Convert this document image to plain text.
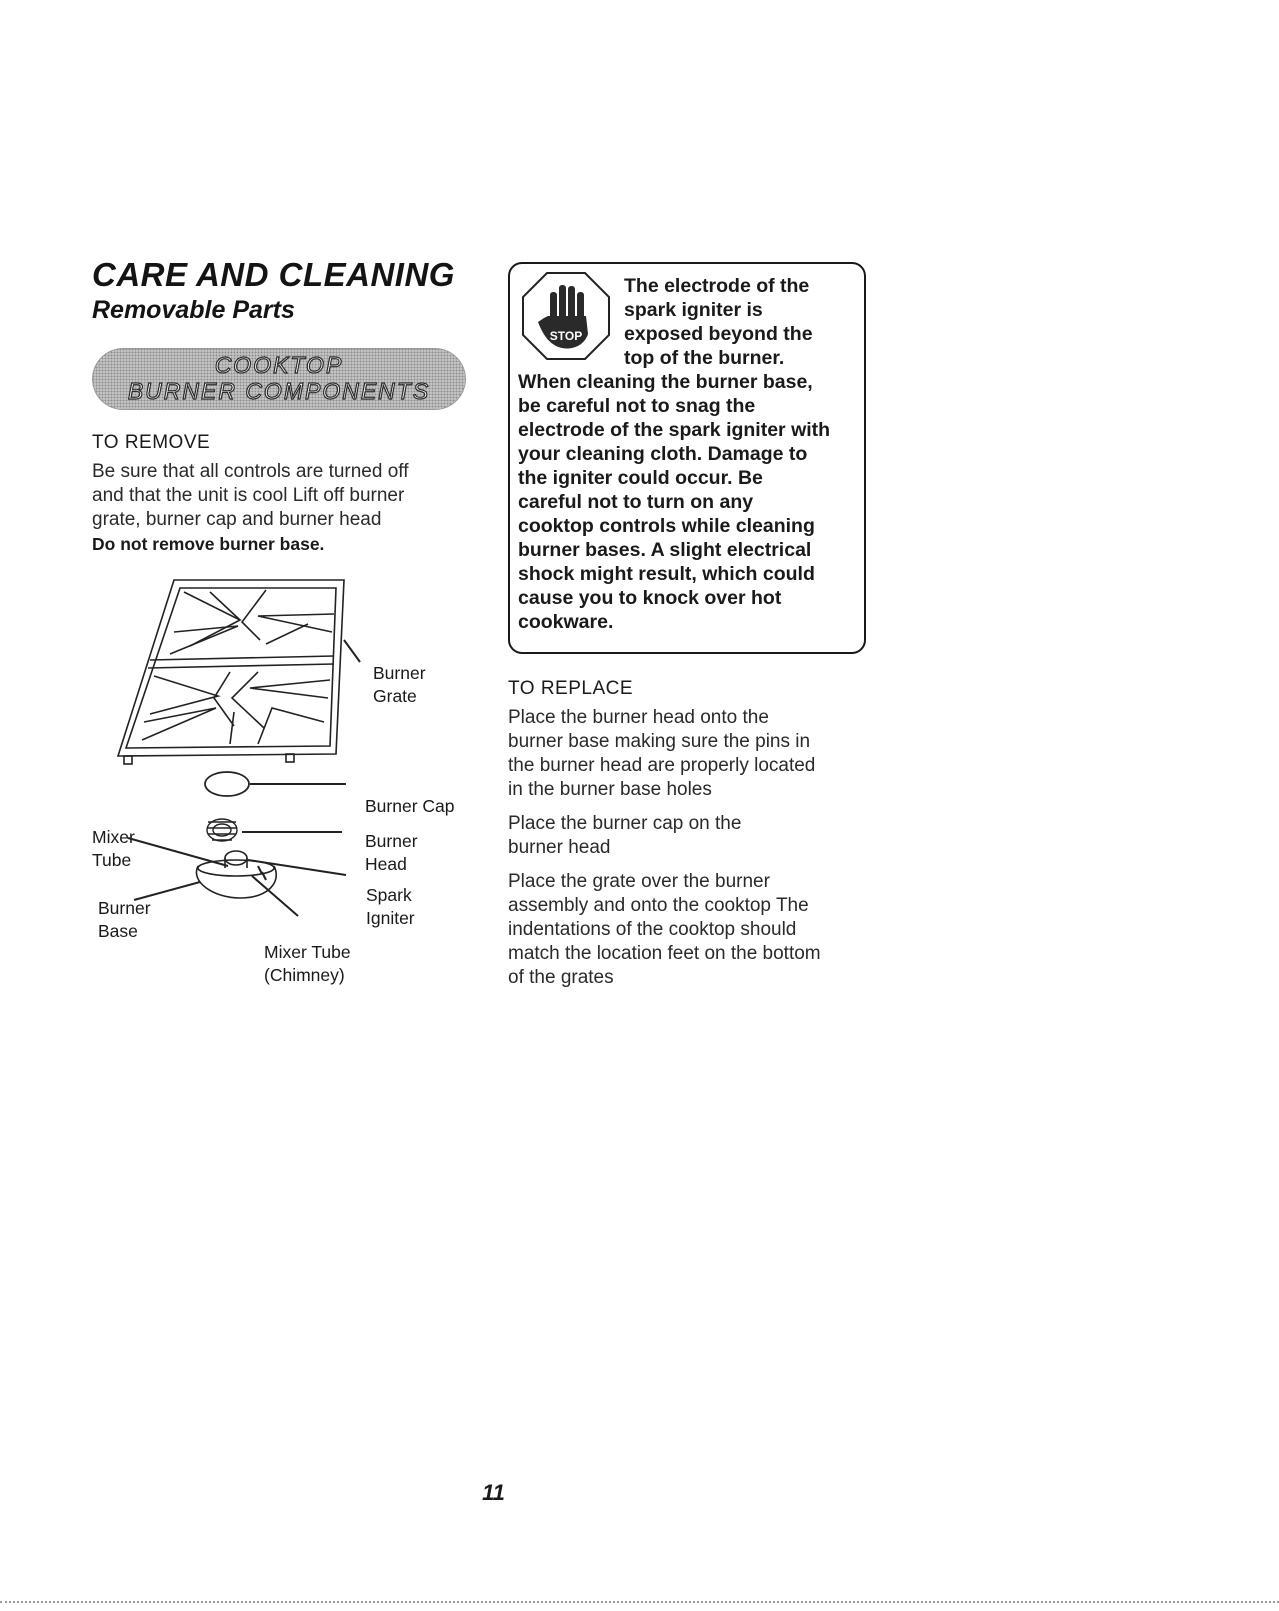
CARE AND CLEANING
Removable Parts
COOKTOP
BURNER COMPONENTS

TO REMOVE

Be sure that all controls are turned off

and that the unit is cool Lift off burner

grate, burner cap and burner head

Do not remove burner base.

Burner
Grate
Burner Cap
Burner
Head
Spark
Igniter
Mixer
Tube
Burner
Base
Mixer Tube
(Chimney)
STOP
The electrode of the
spark igniter is
exposed beyond the
top of the burner.
When cleaning the burner base,
be careful not to snag the
electrode of the spark igniter with
your cleaning cloth. Damage to
the igniter could occur. Be
careful not to turn on any
cooktop controls while cleaning
burner bases. A slight electrical
shock might result, which could
cause you to knock over hot
cookware.

TO REPLACE

Place the burner head onto the

burner base making sure the pins in

the burner head are properly located

in the burner base holes

Place the burner cap on the

burner head

Place the grate over the burner

assembly and onto the cooktop The

indentations of the cooktop should

match the location feet on the bottom

of the grates

11
